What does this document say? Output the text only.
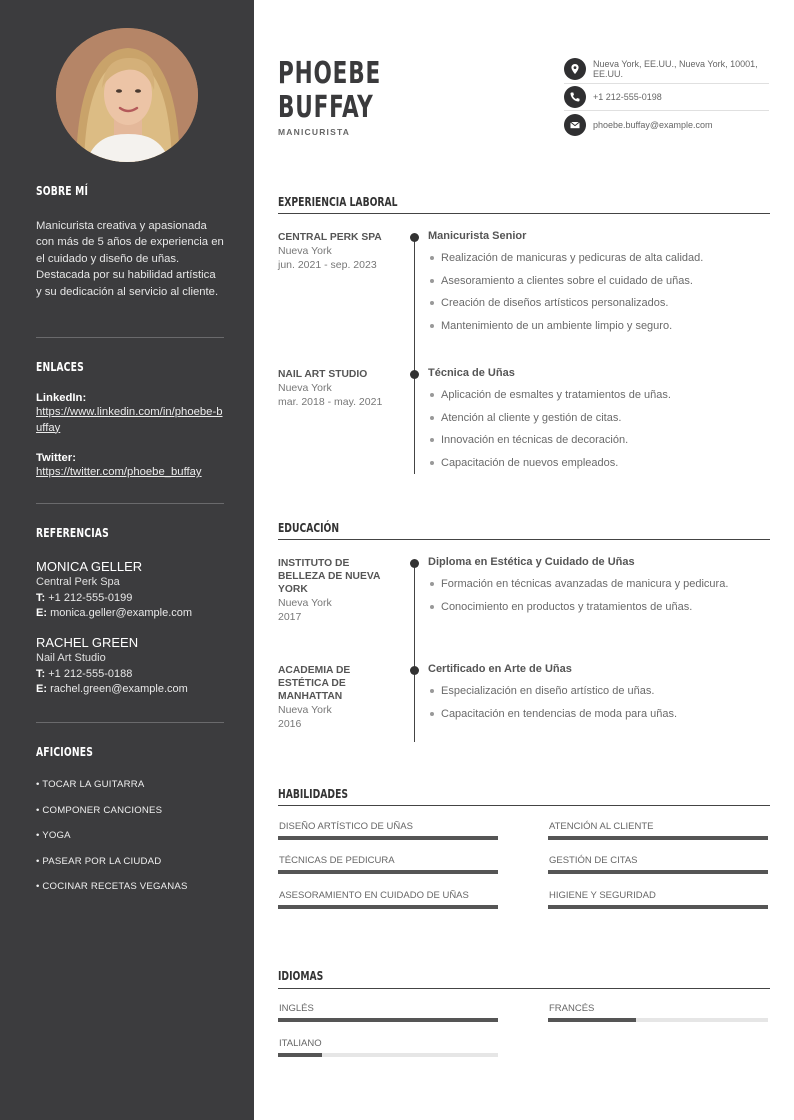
SOBRE MÍ
Manicurista creativa y apasionada con más de 5 años de experiencia en el cuidado y diseño de uñas. Destacada por su habilidad artística y su dedicación al servicio al cliente.
ENLACES
LinkedIn:
https://www.linkedin.com/in/phoebe-buffay
Twitter:
https://twitter.com/phoebe_buffay
REFERENCIAS
MONICA GELLER
Central Perk Spa
T: +1 212-555-0199
E: monica.geller@example.com
RACHEL GREEN
Nail Art Studio
T: +1 212-555-0188
E: rachel.green@example.com
AFICIONES
• TOCAR LA GUITARRA
• COMPONER CANCIONES
• YOGA
• PASEAR POR LA CIUDAD
• COCINAR RECETAS VEGANAS
PHOEBE
BUFFAY
MANICURISTA
Nueva York, EE.UU., Nueva York, 10001, EE.UU.
+1 212-555-0198
phoebe.buffay@example.com
EXPERIENCIA LABORAL
CENTRAL PERK SPA
Nueva York
jun. 2021 - sep. 2023
Manicurista Senior
Realización de manicuras y pedicuras de alta calidad.
Asesoramiento a clientes sobre el cuidado de uñas.
Creación de diseños artísticos personalizados.
Mantenimiento de un ambiente limpio y seguro.
NAIL ART STUDIO
Nueva York
mar. 2018 - may. 2021
Técnica de Uñas
Aplicación de esmaltes y tratamientos de uñas.
Atención al cliente y gestión de citas.
Innovación en técnicas de decoración.
Capacitación de nuevos empleados.
EDUCACIÓN
INSTITUTO DE BELLEZA DE NUEVA YORK
Nueva York
2017
Diploma en Estética y Cuidado de Uñas
Formación en técnicas avanzadas de manicura y pedicura.
Conocimiento en productos y tratamientos de uñas.
ACADEMIA DE ESTÉTICA DE MANHATTAN
Nueva York
2016
Certificado en Arte de Uñas
Especialización en diseño artístico de uñas.
Capacitación en tendencias de moda para uñas.
HABILIDADES
DISEÑO ARTÍSTICO DE UÑAS	ATENCIÓN AL CLIENTE
TÉCNICAS DE PEDICURA	GESTIÓN DE CITAS
ASESORAMIENTO EN CUIDADO DE UÑAS	HIGIENE Y SEGURIDAD
IDIOMAS
INGLÉS	FRANCÉS
ITALIANO
